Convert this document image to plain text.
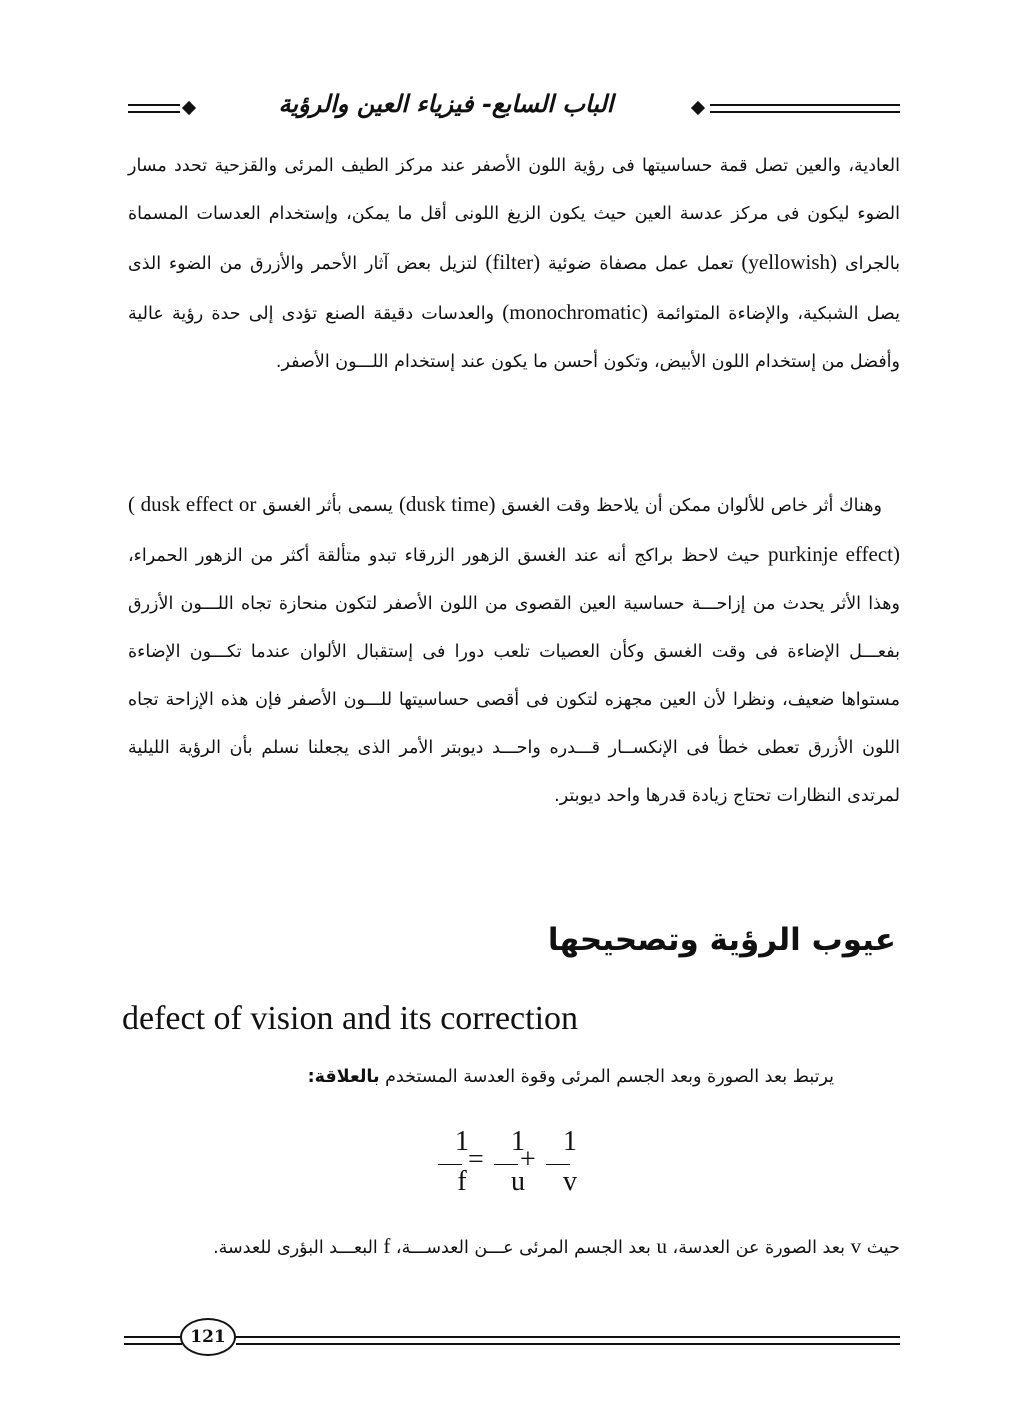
الباب السابع- فيزياء العين والرؤية

العادية، والعين تصل قمة حساسيتها فى رؤية اللون الأصفر عند مركز الطيف المرئى والقزحية تحدد مسار الضوء ليكون فى مركز عدسة العين حيث يكون الزيغ اللونى أقل ما يمكن، وإستخدام العدسات المسماة بالجراى (yellowish) تعمل عمل مصفاة ضوئية (filter) لتزيل بعض آثار الأحمر والأزرق من الضوء الذى يصل الشبكية، والإضاءة المتوائمة (monochromatic) والعدسات دقيقة الصنع تؤدى إلى حدة رؤية عالية وأفضل من إستخدام اللون الأبيض، وتكون أحسن ما يكون عند إستخدام اللـــون الأصفر.

وهناك أثر خاص للألوان ممكن أن يلاحظ وقت الغسق (dusk time) يسمى بأثر الغسق ( dusk effect or purkinje effect) حيث لاحظ براكج أنه عند الغسق الزهور الزرقاء تبدو متألقة أكثر من الزهور الحمراء، وهذا الأثر يحدث من إزاحـــة حساسية العين القصوى من اللون الأصفر لتكون منحازة تجاه اللـــون الأزرق بفعـــل الإضاءة فى وقت الغسق وكأن العصيات تلعب دورا فى إستقبال الألوان عندما تكـــون الإضاءة مستواها ضعيف، ونظرا لأن العين مجهزه لتكون فى أقصى حساسيتها للـــون الأصفر فإن هذه الإزاحة تجاه اللون الأزرق تعطى خطأ فى الإنكســار قـــدره واحـــد ديوبتر الأمر الذى يجعلنا نسلم بأن الرؤية الليلية لمرتدى النظارات تحتاج زيادة قدرها واحد ديوبتر.

عيوب الرؤية وتصحيحها
defect of vision and its correction
يرتبط بعد الصورة وبعد الجسم المرئى وقوة العدسة المستخدم بالعلاقة:
1
f
=
1
u
+
1
v

حيث v بعد الصورة عن العدسة، u بعد الجسم المرئى عـــن العدســـة، f البعـــد البؤرى للعدسة.

121
